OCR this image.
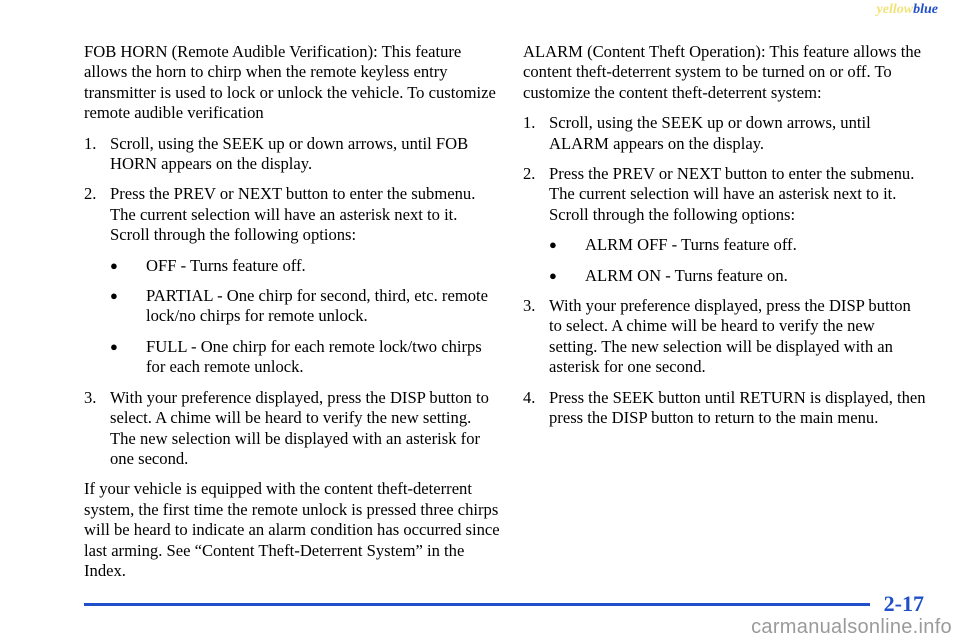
yellowblue

FOB HORN (Remote Audible Verification): This feature allows the horn to chirp when the remote keyless entry transmitter is used to lock or unlock the vehicle. To customize remote audible verification

1. Scroll, using the SEEK up or down arrows, until FOB HORN appears on the display.
2. Press the PREV or NEXT button to enter the submenu. The current selection will have an asterisk next to it. Scroll through the following options:
●	OFF - Turns feature off.
●	PARTIAL - One chirp for second, third, etc. remote lock/no chirps for remote unlock.
●	FULL - One chirp for each remote lock/two chirps for each remote unlock.
3. With your preference displayed, press the DISP button to select. A chime will be heard to verify the new setting. The new selection will be displayed with an asterisk for one second.

If your vehicle is equipped with the content theft-deterrent system, the first time the remote unlock is pressed three chirps will be heard to indicate an alarm condition has occurred since last arming. See “Content Theft-Deterrent System” in the Index.

ALARM (Content Theft Operation): This feature allows the content theft-deterrent system to be turned on or off. To customize the content theft-deterrent system:

1. Scroll, using the SEEK up or down arrows, until ALARM appears on the display.
2. Press the PREV or NEXT button to enter the submenu. The current selection will have an asterisk next to it. Scroll through the following options:
●	ALRM OFF - Turns feature off.
●	ALRM ON - Turns feature on.
3. With your preference displayed, press the DISP button to select. A chime will be heard to verify the new setting. The new selection will be displayed with an asterisk for one second.
4. Press the SEEK button until RETURN is displayed, then press the DISP button to return to the main menu.
2-17
carmanualsonline.info
